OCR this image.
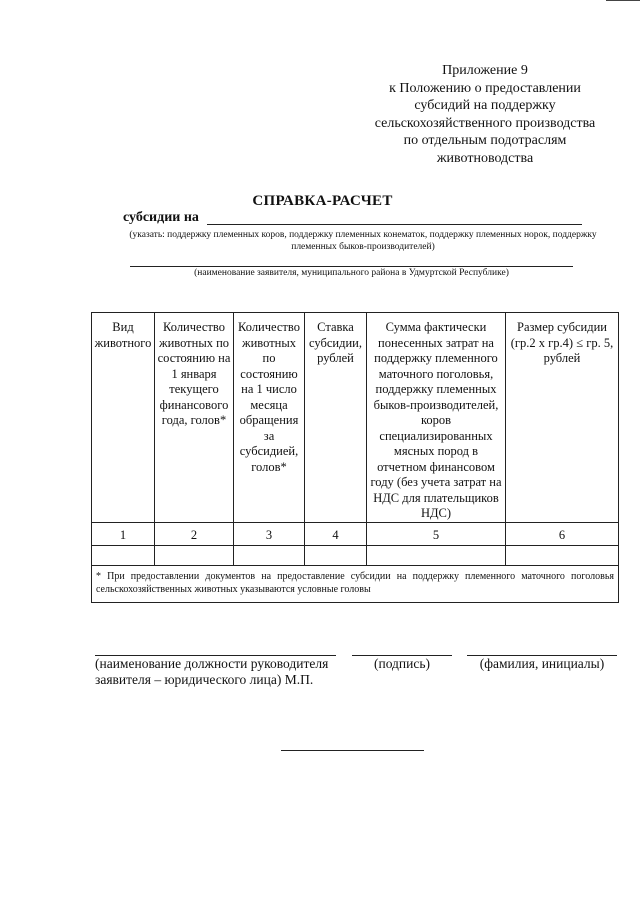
Приложение 9
к Положению о предоставлении
субсидий на поддержку
сельскохозяйственного производства
по отдельным подотраслям
животноводства
СПРАВКА-РАСЧЕТ
субсидии на
(указать: поддержку племенных коров, поддержку племенных конематок, поддержку племенных норок, поддержку племенных быков-производителей)
(наименование заявителя, муниципального района в Удмуртской Республике)
Вид животного	Количество животных по состоянию на 1 января текущего финансового года, голов*	Количество животных по состоянию на 1 число месяца обращения за субсидией, голов*	Ставка субсидии, рублей	Сумма фактически понесенных затрат на поддержку племенного маточного поголовья, поддержку племенных быков-производителей, коров специализированных мясных пород в отчетном финансовом году (без учета затрат на НДС для плательщиков НДС)	Размер субсидии (гр.2 х гр.4) ≤ гр. 5, рублей
1	2	3	4	5	6

* При предоставлении документов на предоставление субсидии на поддержку племенного маточного поголовья сельскохозяйственных животных указываются условные головы					
(наименование должности руководителя заявителя – юридического лица) М.П.
(подпись)	(фамилия, инициалы)
